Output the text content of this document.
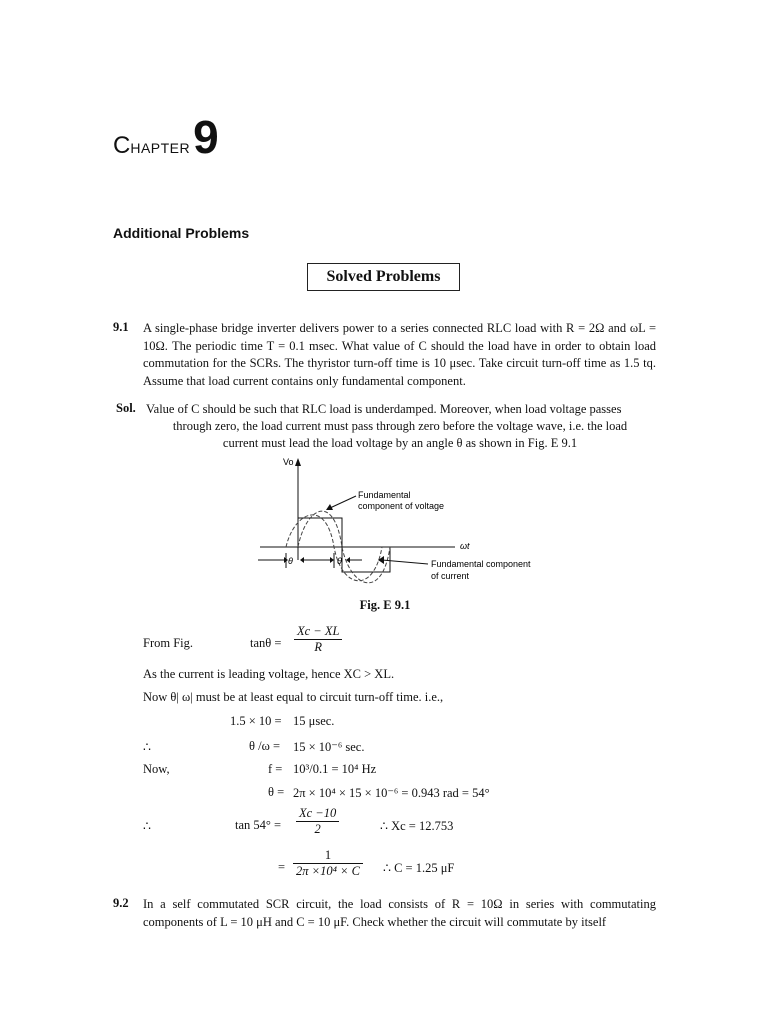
CHAPTER9
Additional Problems
Solved Problems
9.1 A single-phase bridge inverter delivers power to a series connected RLC load with R = 2Ω and ωL = 10Ω. The periodic time T = 0.1 msec. What value of C should the load have in order to obtain load commutation for the SCRs. The thyristor turn-off time is 10 μsec. Take circuit turn-off time as 1.5 tq. Assume that load current contains only fundamental component.
Sol. Value of C should be such that RLC load is underdamped. Moreover, when load voltage passes
through zero, the load current must pass through zero before the voltage wave, i.e. the load
current must lead the load voltage by an angle θ as shown in Fig. E 9.1
Vo
ωt
θ	θ
Fundamental
component of voltage
Fundamental component
of current
Fig. E 9.1
From Fig.	$\tan\theta = \frac{Xc - XL}{R}$
As the current is leading voltage, hence XC > XL.
Now θ| ω| must be at least equal to circuit turn-off time. i.e.,
1.5 × 10 = 15 μsec.
∴	θ /ω = 15 × 10⁻⁶ sec.
Now,	f = 10³/0.1 = 10⁴ Hz
θ = 2π × 10⁴ × 15 × 10⁻⁶ = 0.943 rad = 54°
∴	$\tan 54^\circ = \frac{Xc -10}{2}$	∴ Xc = 12.753
= $\frac{1}{\text{2π ×10⁴ × C}}$ ∴ C = 1.25 μF
9.2 In a self commutated SCR circuit, the load consists of R = 10Ω in series with commutating components of L = 10 μH and C = 10 μF. Check whether the circuit will commutate by itself
